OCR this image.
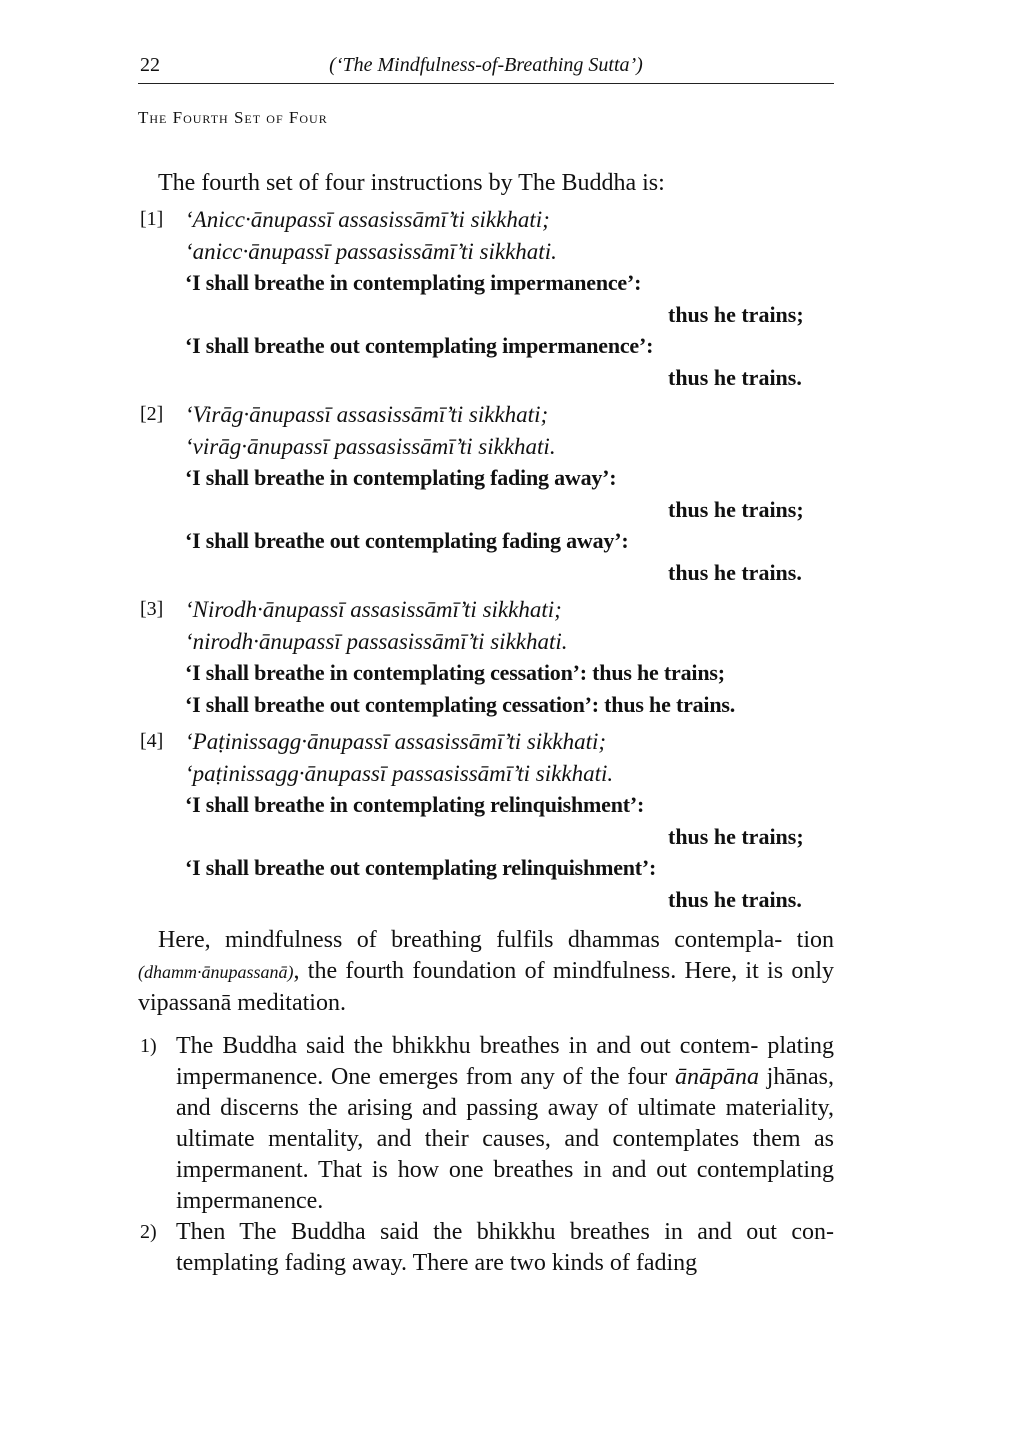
22	(‘The Mindfulness-of-Breathing Sutta’)
The Fourth Set of Four
The fourth set of four instructions by The Buddha is:
[1] ‘Anicc·ānupassī assasissāmī’ti sikkhati;
‘anicc·ānupassī passasissāmī’ti sikkhati.
‘I shall breathe in contemplating impermanence’:
thus he trains;
‘I shall breathe out contemplating impermanence’:
thus he trains.
[2] ‘Virāg·ānupassī assasissāmī’ti sikkhati;
‘virāg·ānupassī passasissāmī’ti sikkhati.
‘I shall breathe in contemplating fading away’:
thus he trains;
‘I shall breathe out contemplating fading away’:
thus he trains.
[3] ‘Nirodh·ānupassī assasissāmī’ti sikkhati;
‘nirodh·ānupassī passasissāmī’ti sikkhati.
‘I shall breathe in contemplating cessation’: thus he trains;
‘I shall breathe out contemplating cessation’: thus he trains.
[4] ‘Paṭinissagg·ānupassī assasissāmī’ti sikkhati;
‘paṭinissagg·ānupassī passasissāmī’ti sikkhati.
‘I shall breathe in contemplating relinquishment’:
thus he trains;
‘I shall breathe out contemplating relinquishment’:
thus he trains.
Here, mindfulness of breathing fulfils dhammas contempla- tion (dhamm·ānupassanā), the fourth foundation of mindfulness. Here, it is only vipassanā meditation.
1) The Buddha said the bhikkhu breathes in and out contem- plating impermanence. One emerges from any of the four ānāpāna jhānas, and discerns the arising and passing away of ultimate materiality, ultimate mentality, and their causes, and contemplates them as impermanent. That is how one breathes in and out contemplating impermanence.
2) Then The Buddha said the bhikkhu breathes in and out con- templating fading away. There are two kinds of fading
